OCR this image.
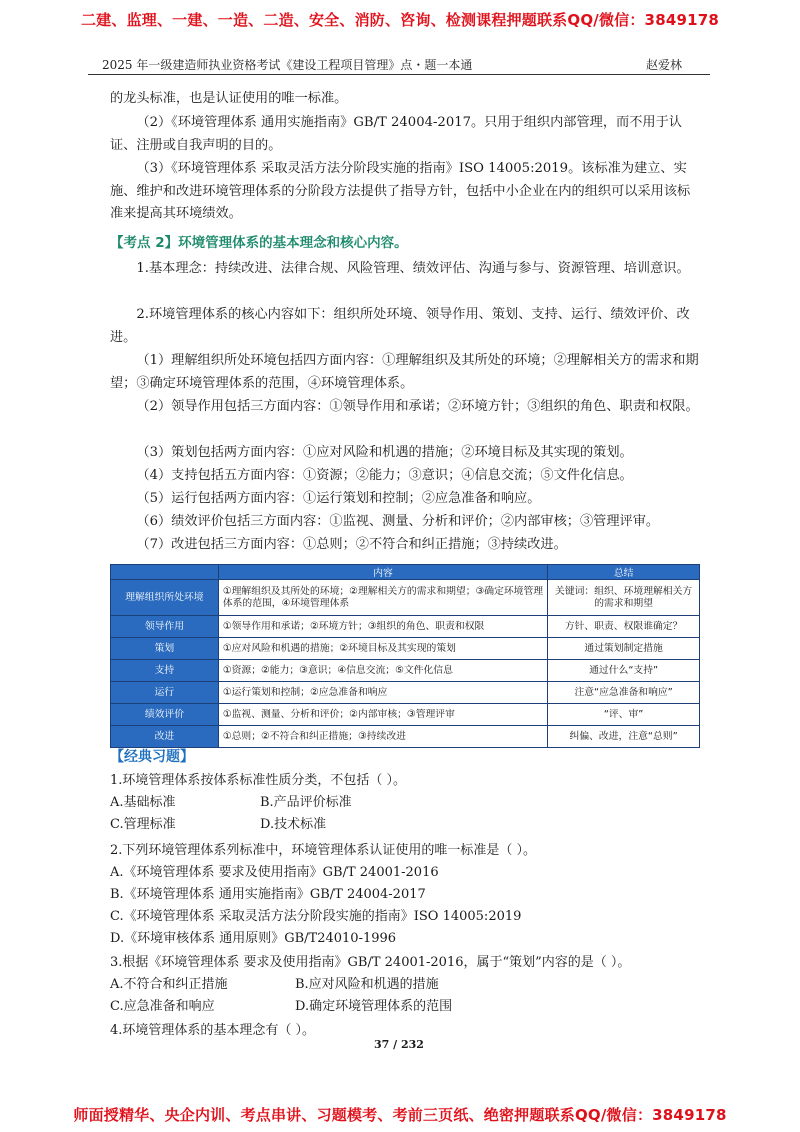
二建、监理、一建、一造、二造、安全、消防、咨询、检测课程押题联系QQ/微信：3849178
2025 年一级建造师执业资格考试《建设工程项目管理》点・题一本通	赵爱林
的龙头标准，也是认证使用的唯一标准。
（2）《环境管理体系 通用实施指南》GB/T 24004-2017。只用于组织内部管理，而不用于认证、注册或自我声明的目的。
（3）《环境管理体系 采取灵活方法分阶段实施的指南》ISO 14005:2019。该标准为建立、实施、维护和改进环境管理体系的分阶段方法提供了指导方针，包括中小企业在内的组织可以采用该标准来提高其环境绩效。
【考点 2】环境管理体系的基本理念和核心内容。
1.基本理念：持续改进、法律合规、风险管理、绩效评估、沟通与参与、资源管理、培训意识。
2.环境管理体系的核心内容如下：组织所处环境、领导作用、策划、支持、运行、绩效评价、改进。
（1）理解组织所处环境包括四方面内容：①理解组织及其所处的环境；②理解相关方的需求和期望；③确定环境管理体系的范围，④环境管理体系。
（2）领导作用包括三方面内容：①领导作用和承诺；②环境方针；③组织的角色、职责和权限。
（3）策划包括两方面内容：①应对风险和机遇的措施；②环境目标及其实现的策划。
（4）支持包括五方面内容：①资源；②能力；③意识；④信息交流；⑤文件化信息。
（5）运行包括两方面内容：①运行策划和控制；②应急准备和响应。
（6）绩效评价包括三方面内容：①监视、测量、分析和评价；②内部审核；③管理评审。
（7）改进包括三方面内容：①总则；②不符合和纠正措施；③持续改进。
	内容	总结
理解组织所处环境	①理解组织及其所处的环境；②理解相关方的需求和期望；③确定环境管理体系的范围，④环境管理体系	关键词：组织、环境理解相关方的需求和期望
领导作用	①领导作用和承诺；②环境方针；③组织的角色、职责和权限	方针、职责、权限谁确定？
策划	①应对风险和机遇的措施；②环境目标及其实现的策划	通过策划制定措施
支持	①资源；②能力；③意识；④信息交流；⑤文件化信息	通过什么“支持”
运行	①运行策划和控制；②应急准备和响应	注意“应急准备和响应”
绩效评价	①监视、测量、分析和评价；②内部审核；③管理评审	“评、审”
改进	①总则；②不符合和纠正措施；③持续改进	纠偏、改进，注意“总则”
【经典习题】
1.环境管理体系按体系标准性质分类，不包括（ ）。
A.基础标准	B.产品评价标准
C.管理标准	D.技术标准
2.下列环境管理体系列标准中，环境管理体系认证使用的唯一标准是（ ）。
A.《环境管理体系 要求及使用指南》GB/T 24001-2016
B.《环境管理体系 通用实施指南》GB/T 24004-2017
C.《环境管理体系 采取灵活方法分阶段实施的指南》ISO 14005:2019
D.《环境审核体系 通用原则》GB/T24010-1996
3.根据《环境管理体系 要求及使用指南》GB/T 24001-2016，属于“策划”内容的是（ ）。
A.不符合和纠正措施	B.应对风险和机遇的措施
C.应急准备和响应	D.确定环境管理体系的范围
4.环境管理体系的基本理念有（ ）。
37 / 232
师面授精华、央企内训、考点串讲、习题模考、考前三页纸、绝密押题联系QQ/微信：3849178
